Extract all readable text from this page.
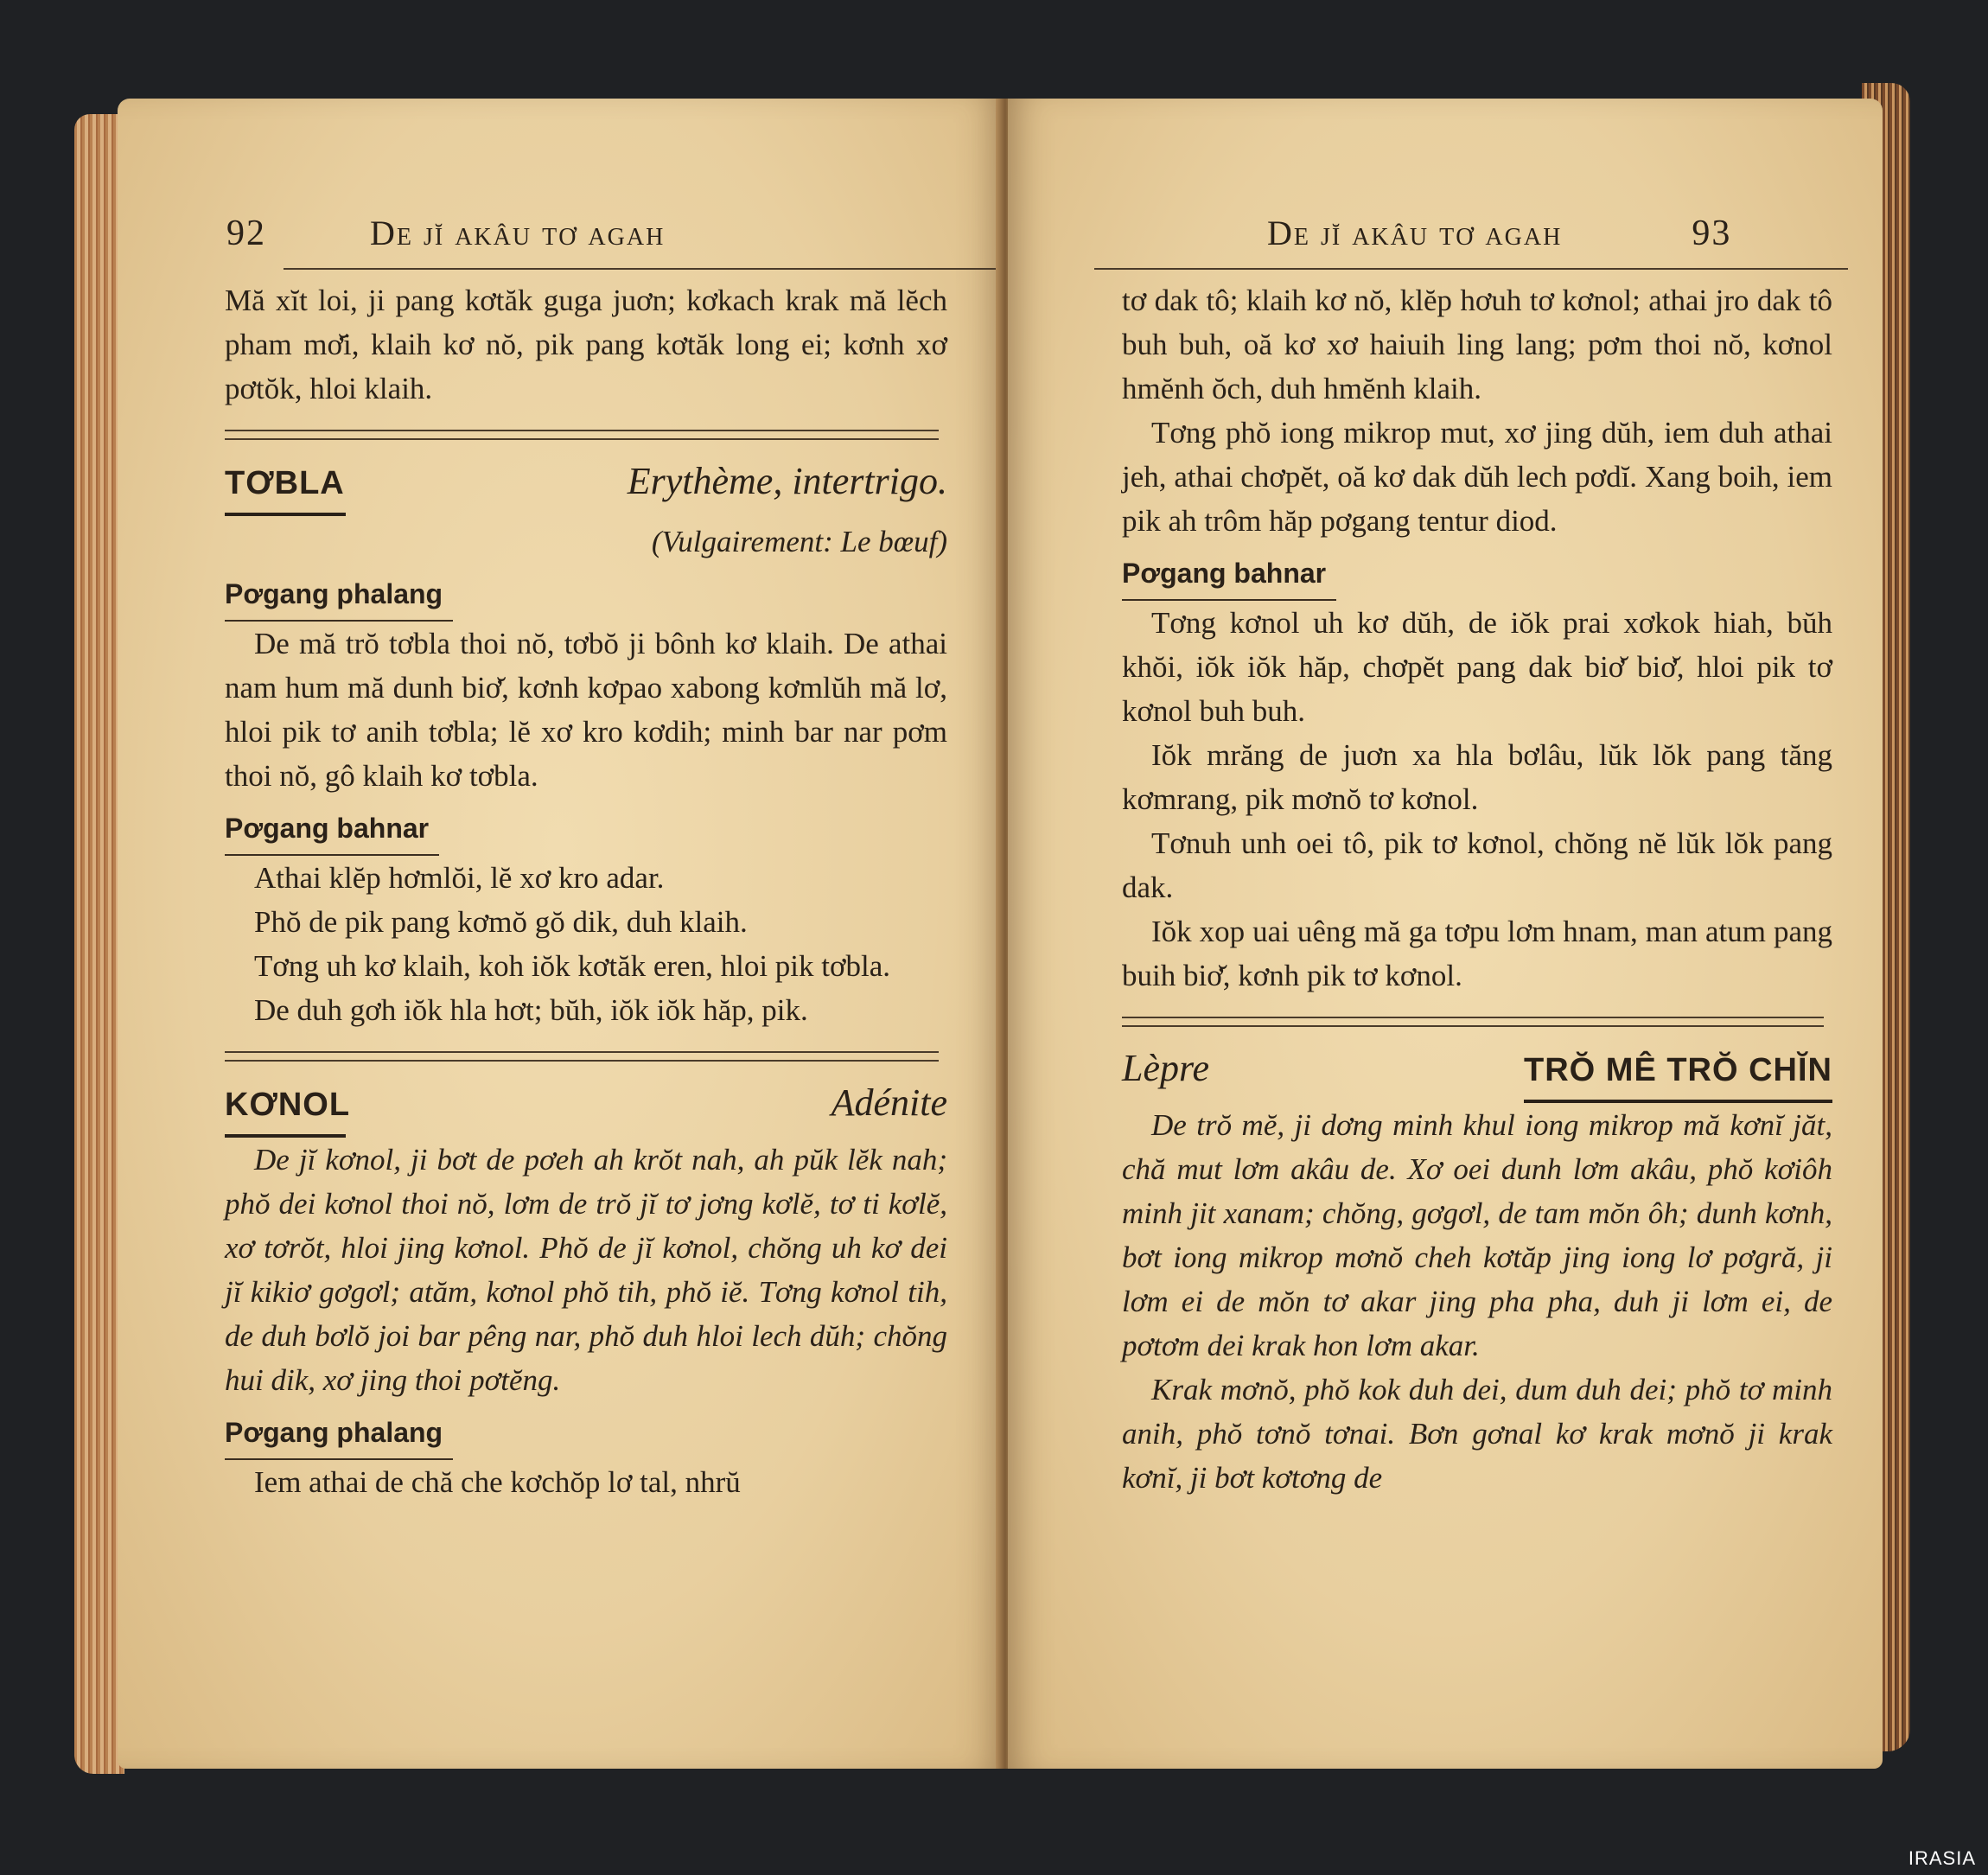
92	De jĭ akâu tơ agah

Mă xĭt loi, ji pang kơtăk guga juơn; kơkach krak mă lĕch pham mơ̆i, klaih kơ nŏ, pik pang kơtăk long ei; kơnh xơ pơtŏk, hloi klaih.

TƠBLA	Erythème, intertrigo.
(Vulgairement: Le bœuf)
Pơgang phalang

De mă trŏ tơbla thoi nŏ, tơbŏ ji bônh kơ klaih. De athai nam hum mă dunh biơ̆, kơnh kơpao xabong kơmlŭh mă lơ, hloi pik tơ anih tơbla; lĕ xơ kro kơdih; minh bar nar pơm thoi nŏ, gô klaih kơ tơbla.

Pơgang bahnar

Athai klĕp hơmlŏi, lĕ xơ kro adar.

Phŏ de pik pang kơmŏ gŏ dik, duh klaih.

Tơng uh kơ klaih, koh iŏk kơtăk eren, hloi pik tơbla.

De duh gơh iŏk hla hơt; bŭh, iŏk iŏk hăp, pik.

KƠNOL	Adénite

De jĭ kơnol, ji bơt de pơeh ah krŏt nah, ah pŭk lĕk nah; phŏ dei kơnol thoi nŏ, lơm de trŏ jĭ tơ jơng kơlĕ, tơ ti kơlĕ, xơ tơrŏt, hloi jing kơnol. Phŏ de jĭ kơnol, chŏng uh kơ dei jĭ kikiơ gơgơl; atăm, kơnol phŏ tih, phŏ iĕ. Tơng kơnol tih, de duh bơlŏ joi bar pêng nar, phŏ duh hloi lech dŭh; chŏng hui dik, xơ jing thoi pơtĕng.

Pơgang phalang

Iem athai de chă che kơchŏp lơ tal, nhrŭ

De jĭ akâu tơ agah	93

tơ dak tô; klaih kơ nŏ, klĕp hơuh tơ kơnol; athai jro dak tô buh buh, oă kơ xơ haiuih ling lang; pơm thoi nŏ, kơnol hmĕnh ŏch, duh hmĕnh klaih.

Tơng phŏ iong mikrop mut, xơ jing dŭh, iem duh athai jeh, athai chơpĕt, oă kơ dak dŭh lech pơdĭ. Xang boih, iem pik ah trôm hăp pơgang tentur diod.

Pơgang bahnar

Tơng kơnol uh kơ dŭh, de iŏk prai xơkok hiah, bŭh khŏi, iŏk iŏk hăp, chơpĕt pang dak biơ̆ biơ̆, hloi pik tơ kơnol buh buh.

Iŏk mrăng de juơn xa hla bơlâu, lŭk lŏk pang tăng kơmrang, pik mơnŏ tơ kơnol.

Tơnuh unh oei tô, pik tơ kơnol, chŏng nĕ lŭk lŏk pang dak.

Iŏk xop uai uêng mă ga tơpu lơm hnam, man atum pang buih biơ̆, kơnh pik tơ kơnol.

Lèpre	TRŎ MÊ TRŎ CHĬN

De trŏ mĕ, ji dơng minh khul iong mikrop mă kơnĭ jăt, chă mut lơm akâu de. Xơ oei dunh lơm akâu, phŏ kơiôh minh jit xanam; chŏng, gơgơl, de tam mŏn ôh; dunh kơnh, bơt iong mikrop mơnŏ cheh kơtăp jing iong lơ pơgră, ji lơm ei de mŏn tơ akar jing pha pha, duh ji lơm ei, de pơtơm dei krak hon lơm akar.

Krak mơnŏ, phŏ kok duh dei, dum duh dei; phŏ tơ minh anih, phŏ tơnŏ tơnai. Bơn gơnal kơ krak mơnŏ ji krak kơnĭ, ji bơt kơtơng de

IRASIA
